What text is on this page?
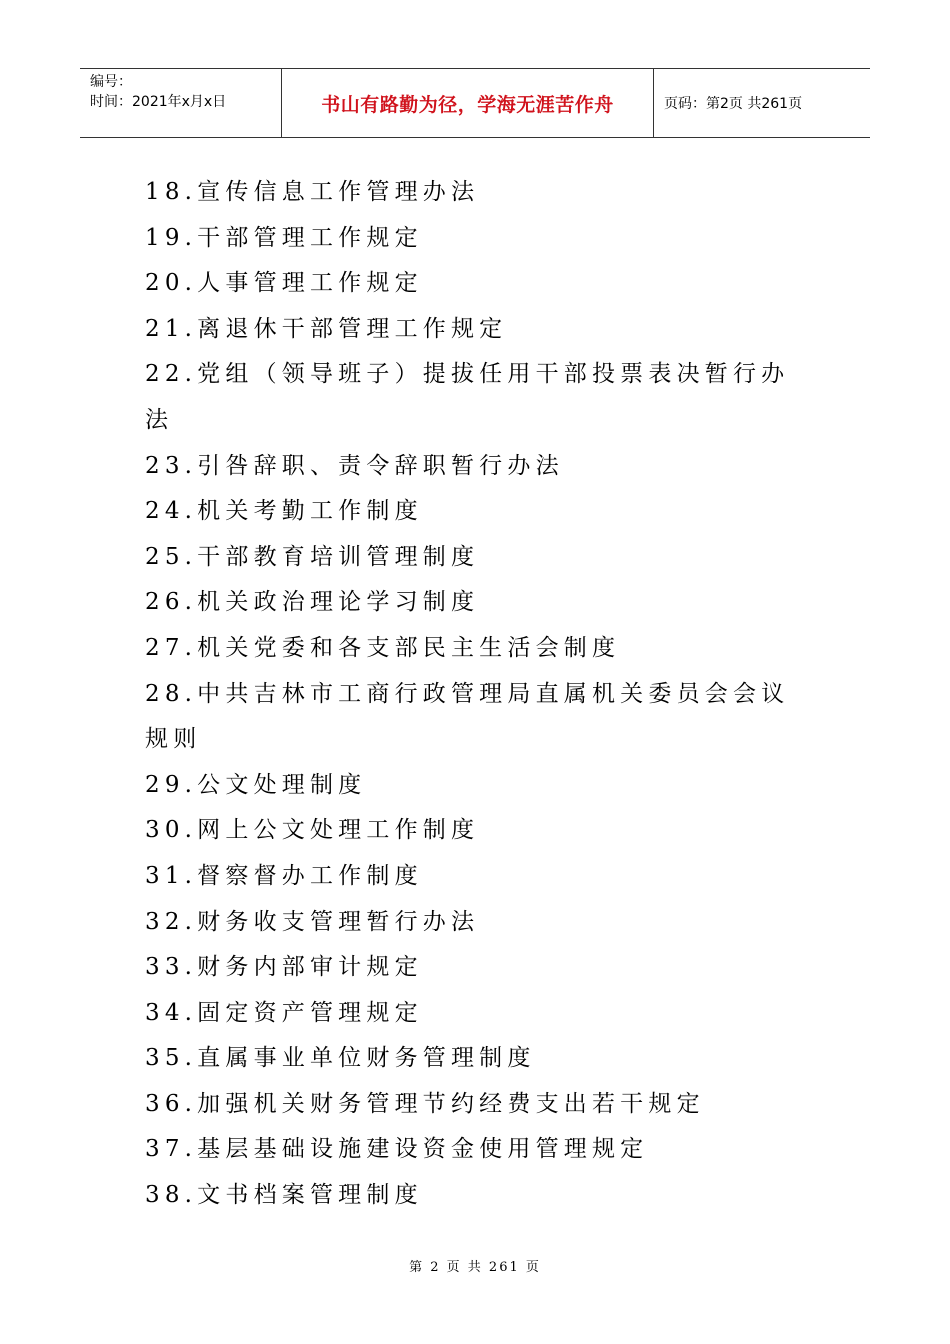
编号：
时间：2021年x月x日	书山有路勤为径，学海无涯苦作舟	页码：第2页 共261页
18.宣传信息工作管理办法
19.干部管理工作规定
20.人事管理工作规定
21.离退休干部管理工作规定
22.党组（领导班子）提拔任用干部投票表决暂行办法
23.引咎辞职、责令辞职暂行办法
24.机关考勤工作制度
25.干部教育培训管理制度
26.机关政治理论学习制度
27.机关党委和各支部民主生活会制度
28.中共吉林市工商行政管理局直属机关委员会会议规则
29.公文处理制度
30.网上公文处理工作制度
31.督察督办工作制度
32.财务收支管理暂行办法
33.财务内部审计规定
34.固定资产管理规定
35.直属事业单位财务管理制度
36.加强机关财务管理节约经费支出若干规定
37.基层基础设施建设资金使用管理规定
38.文书档案管理制度
第 2 页 共 261 页
